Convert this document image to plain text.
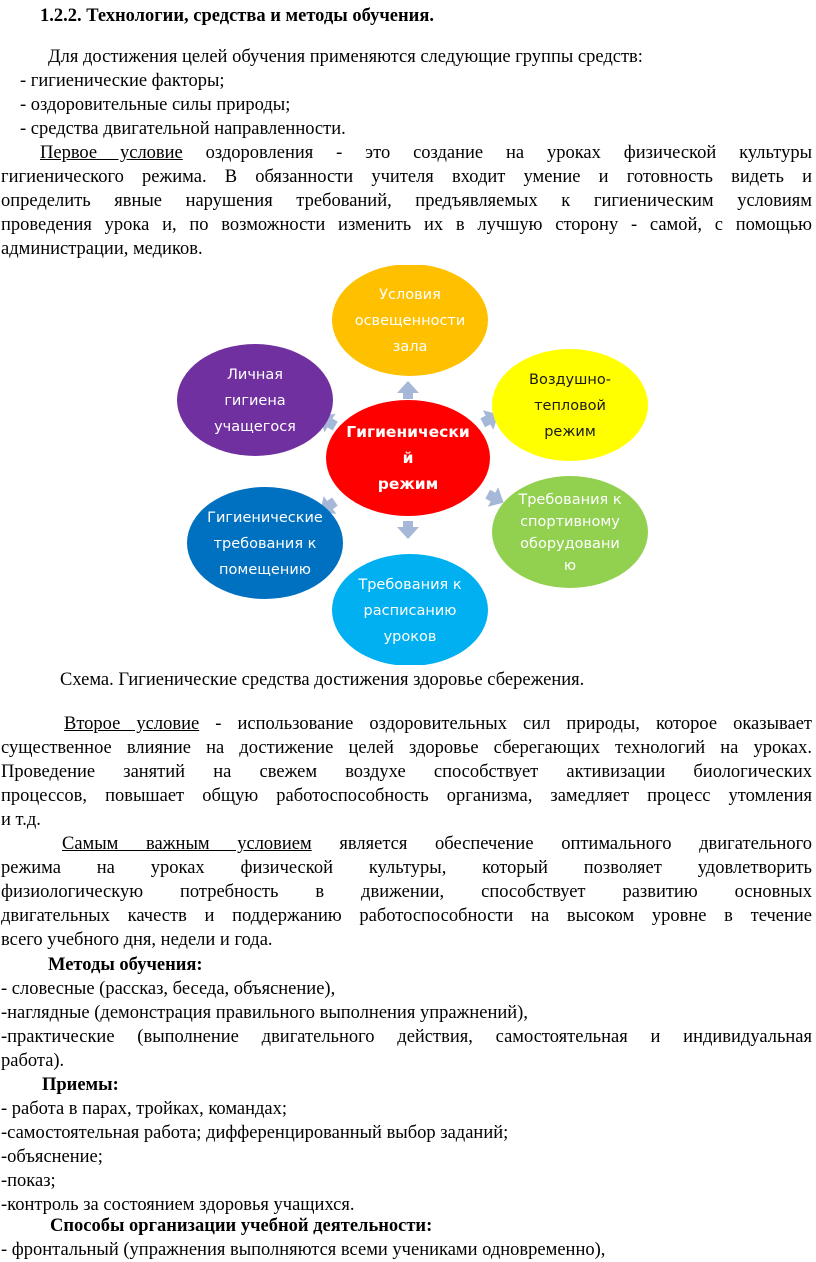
1.2.2. Технологии, средства и методы обучения.
Для достижения целей обучения применяются следующие группы средств:
- гигиенические факторы;
- оздоровительные силы природы;
- средства двигательной направленности.
Первое условие оздоровления - это создание на уроках физической культуры
гигиенического режима. В обязанности учителя входит умение и готовность видеть и
определить явные нарушения требований, предъявляемых к гигиеническим условиям
проведения урока и, по возможности изменить их в лучшую сторону - самой, с помощью
администрации, медиков.
Условия
освещенности
зала
Воздушно-
тепловой
режим
Требования к
спортивному
оборудовани
ю
Требования к
расписанию
уроков
Гигиенические
требования к
помещению
Личная
гигиена
учащегося	Гигиенически
й
режим
Схема. Гигиенические средства достижения здоровье сбережения.
Второе условие - использование оздоровительных сил природы, которое оказывает
существенное влияние на достижение целей здоровье сберегающих технологий на уроках.
Проведение занятий на свежем воздухе способствует активизации биологических
процессов, повышает общую работоспособность организма, замедляет процесс утомления
и т.д.
Самым важным условием является обеспечение оптимального двигательного
режима на уроках физической культуры, который позволяет удовлетворить
физиологическую потребность в движении, способствует развитию основных
двигательных качеств и поддержанию работоспособности на высоком уровне в течение
всего учебного дня, недели и года.
Методы обучения:
- словесные (рассказ, беседа, объяснение),
-наглядные (демонстрация правильного выполнения упражнений),
-практические (выполнение двигательного действия, самостоятельная и индивидуальная
работа).
Приемы:
- работа в парах, тройках, командах;
-самостоятельная работа; дифференцированный выбор заданий;
-объяснение;
-показ;
-контроль за состоянием здоровья учащихся.
Способы организации учебной деятельности:
- фронтальный (упражнения выполняются всеми учениками одновременно),
